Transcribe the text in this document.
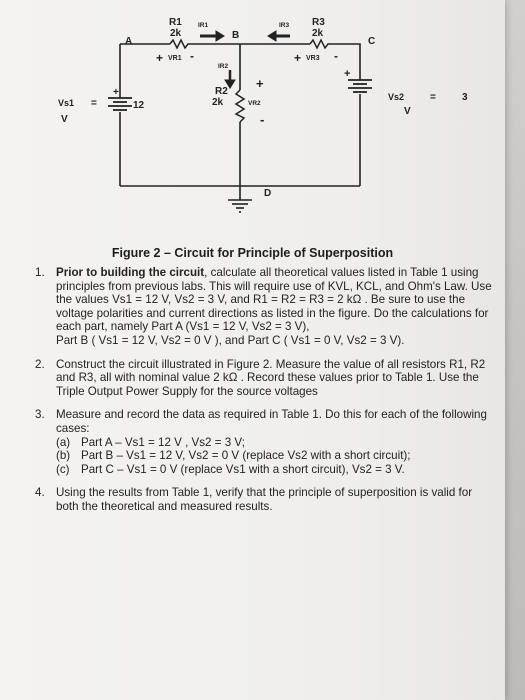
R1
2k
IR1
B
IR3 R3
2k
A	C
+ VR1 -	+ VR3 -
IR2
+
R2
2k	VR2
-
+
Vs1 =	12
V
+
Vs2	=	3
V
D
Figure 2 – Circuit for Principle of Superposition
1. Prior to building the circuit, calculate all theoretical values listed in Table 1 using principles from previous labs. This will require use of KVL, KCL, and Ohm's Law. Use the values Vs1 = 12 V, Vs2 = 3 V, and R1 = R2 = R3 = 2 kΩ . Be sure to use the voltage polarities and current directions as listed in the figure. Do the calculations for each part, namely Part A (Vs1 = 12 V, Vs2 = 3 V),

Part B ( Vs1 = 12 V, Vs2 = 0 V ), and Part C ( Vs1 = 0 V, Vs2 = 3 V).

2. Construct the circuit illustrated in Figure 2. Measure the value of all resistors R1, R2 and R3, all with nominal value 2 kΩ . Record these values prior to Table 1. Use the Triple Output Power Supply for the source voltages

3. Measure and record the data as required in Table 1. Do this for each of the following cases:

(a) Part A – Vs1 = 12 V , Vs2 = 3 V;
(b) Part B – Vs1 = 12 V, Vs2 = 0 V (replace Vs2 with a short circuit);
(c) Part C – Vs1 = 0 V (replace Vs1 with a short circuit), Vs2 = 3 V.
4. Using the results from Table 1, verify that the principle of superposition is valid for both the theoretical and measured results.
